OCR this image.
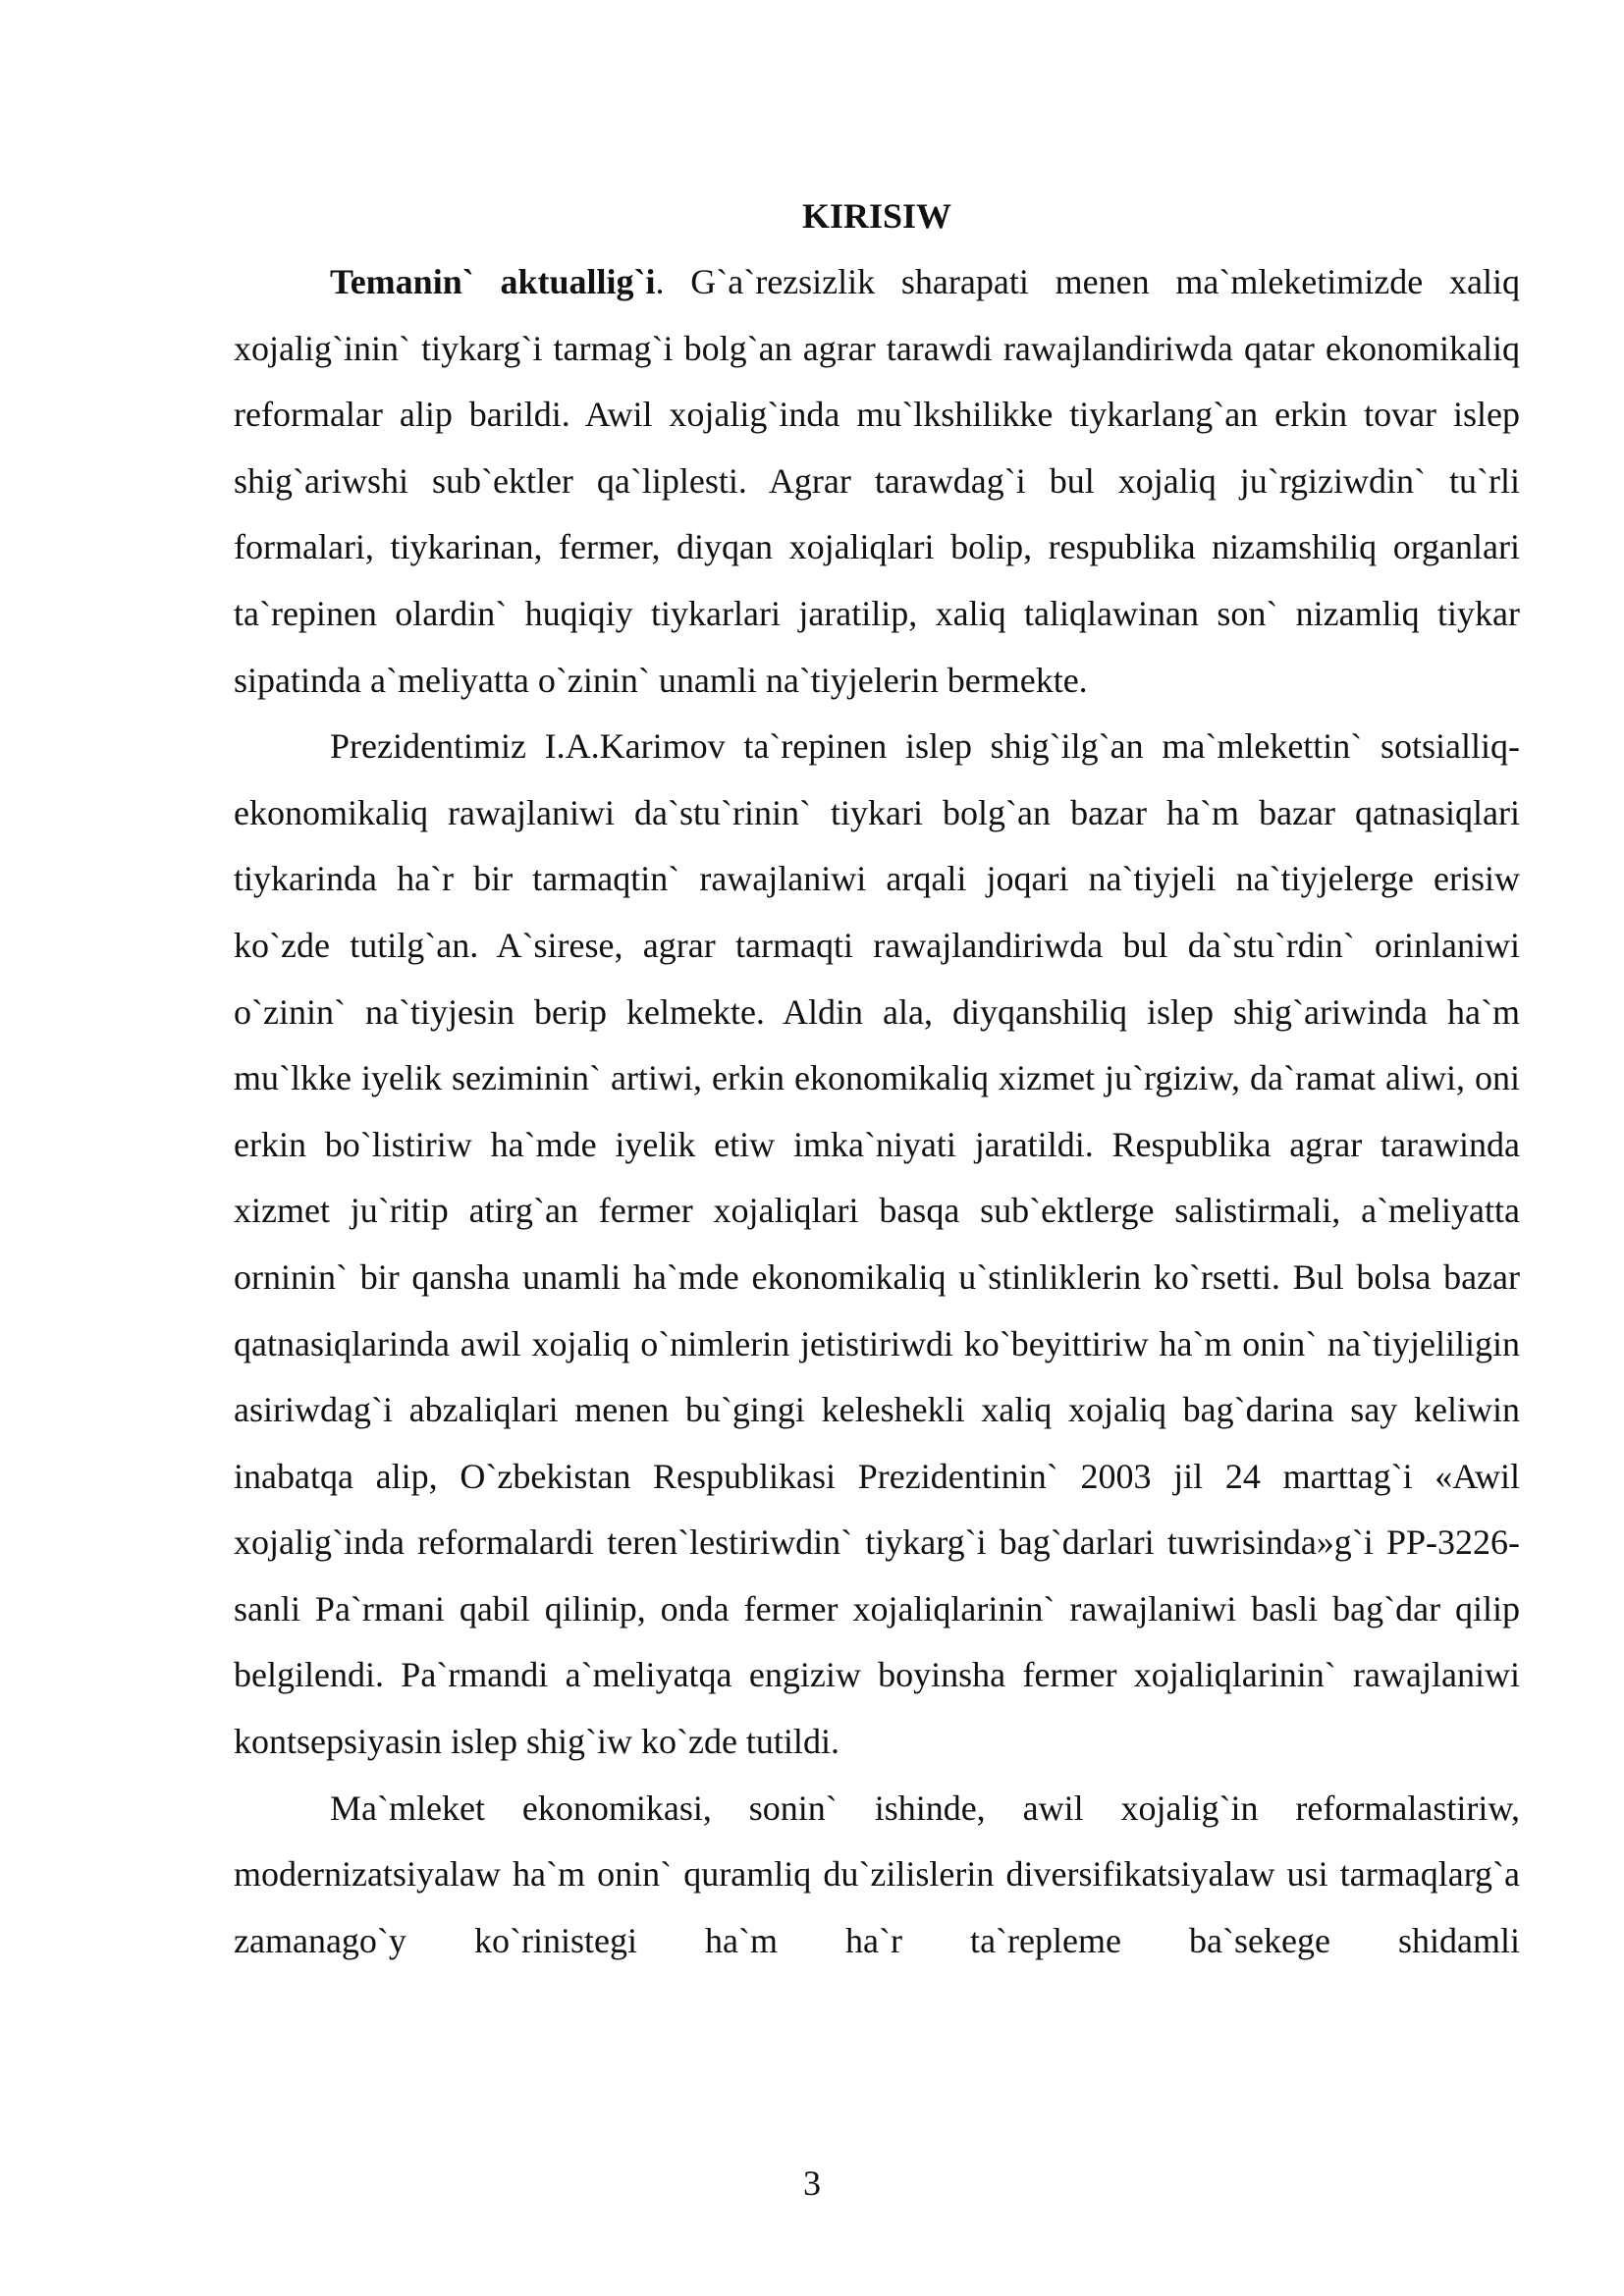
KIRISIW

Temanin` aktuallig`i. G`a`rezsizlik sharapati menen ma`mleketimizde xaliq xojalig`inin` tiykarg`i tarmag`i bolg`an agrar tarawdi rawajlandiriwda qatar ekonomikaliq reformalar alip barildi. Awil xojalig`inda mu`lkshilikke tiykarlang`an erkin tovar islep shig`ariwshi sub`ektler qa`liplesti. Agrar tarawdag`i bul xojaliq ju`rgiziwdin` tu`rli formalari, tiykarinan, fermer, diyqan xojaliqlari bolip, respublika nizamshiliq organlari ta`repinen olardin` huqiqiy tiykarlari jaratilip, xaliq taliqlawinan son` nizamliq tiykar sipatinda a`meliyatta o`zinin` unamli na`tiyjelerin bermekte.

Prezidentimiz I.A.Karimov ta`repinen islep shig`ilg`an ma`mlekettin` sotsialliq-ekonomikaliq rawajlaniwi da`stu`rinin` tiykari bolg`an bazar ha`m bazar qatnasiqlari tiykarinda ha`r bir tarmaqtin` rawajlaniwi arqali joqari na`tiyjeli na`tiyjelerge erisiw ko`zde tutilg`an. A`sirese, agrar tarmaqti rawajlandiriwda bul da`stu`rdin` orinlaniwi o`zinin` na`tiyjesin berip kelmekte. Aldin ala, diyqanshiliq islep shig`ariwinda ha`m mu`lkke iyelik seziminin` artiwi, erkin ekonomikaliq xizmet ju`rgiziw, da`ramat aliwi, oni erkin bo`listiriw ha`mde iyelik etiw imka`niyati jaratildi. Respublika agrar tarawinda xizmet ju`ritip atirg`an fermer xojaliqlari basqa sub`ektlerge salistirmali, a`meliyatta orninin` bir qansha unamli ha`mde ekonomikaliq u`stinliklerin ko`rsetti. Bul bolsa bazar qatnasiqlarinda awil xojaliq o`nimlerin jetistiriwdi ko`beyittiriw ha`m onin` na`tiyjeliligin asiriwdag`i abzaliqlari menen bu`gingi keleshekli xaliq xojaliq bag`darina say keliwin inabatqa alip, O`zbekistan Respublikasi Prezidentinin` 2003 jil 24 marttag`i «Awil xojalig`inda reformalardi teren`lestiriwdin` tiykarg`i bag`darlari tuwrisinda»g`i PP-3226-sanli Pa`rmani qabil qilinip, onda fermer xojaliqlarinin` rawajlaniwi basli bag`dar qilip belgilendi. Pa`rmandi a`meliyatqa engiziw boyinsha fermer xojaliqlarinin` rawajlaniwi kontsepsiyasin islep shig`iw ko`zde tutildi.

Ma`mleket ekonomikasi, sonin` ishinde, awil xojalig`in reformalastiriw, modernizatsiyalaw ha`m onin` quramliq du`zilislerin diversifikatsiyalaw usi tarmaqlarg`a zamanago`y ko`rinistegi ha`m ha`r ta`repleme ba`sekege shidamli

3
